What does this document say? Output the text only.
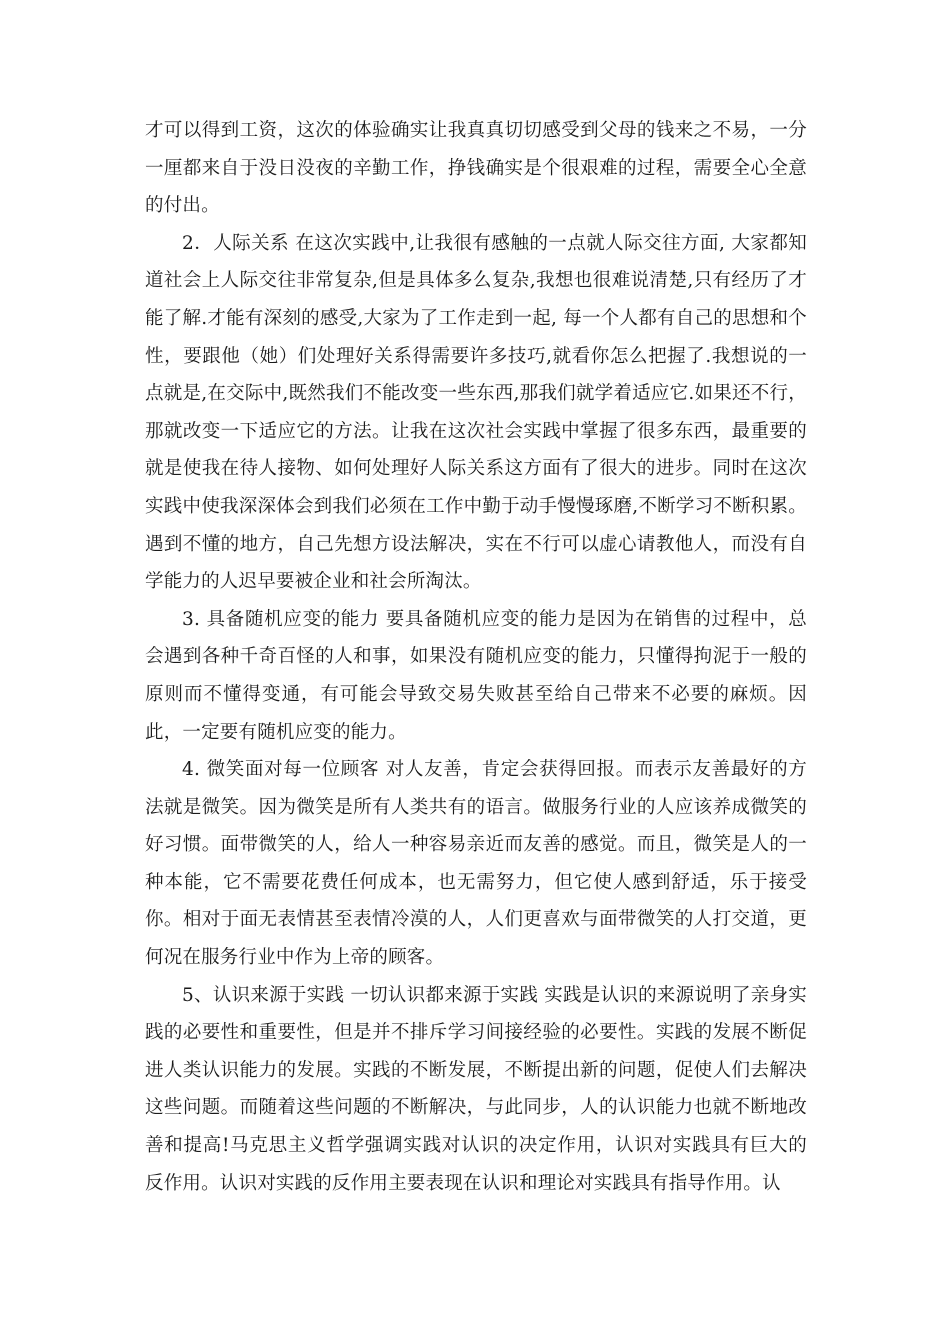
才可以得到工资，这次的体验确实让我真真切切感受到父母的钱来之不易，一分一厘都来自于没日没夜的辛勤工作，挣钱确实是个很艰难的过程，需要全心全意的付出。

2．人际关系 在这次实践中,让我很有感触的一点就人际交往方面, 大家都知道社会上人际交往非常复杂,但是具体多么复杂,我想也很难说清楚,只有经历了才能了解.才能有深刻的感受,大家为了工作走到一起, 每一个人都有自己的思想和个性，要跟他（她）们处理好关系得需要许多技巧,就看你怎么把握了.我想说的一点就是,在交际中,既然我们不能改变一些东西,那我们就学着适应它.如果还不行，那就改变一下适应它的方法。让我在这次社会实践中掌握了很多东西，最重要的就是使我在待人接物、如何处理好人际关系这方面有了很大的进步。同时在这次实践中使我深深体会到我们必须在工作中勤于动手慢慢琢磨,不断学习不断积累。遇到不懂的地方，自己先想方设法解决，实在不行可以虚心请教他人，而没有自学能力的人迟早要被企业和社会所淘汰。

3. 具备随机应变的能力 要具备随机应变的能力是因为在销售的过程中，总会遇到各种千奇百怪的人和事，如果没有随机应变的能力，只懂得拘泥于一般的原则而不懂得变通，有可能会导致交易失败甚至给自己带来不必要的麻烦。因此，一定要有随机应变的能力。

4. 微笑面对每一位顾客 对人友善，肯定会获得回报。而表示友善最好的方法就是微笑。因为微笑是所有人类共有的语言。做服务行业的人应该养成微笑的好习惯。面带微笑的人，给人一种容易亲近而友善的感觉。而且，微笑是人的一种本能，它不需要花费任何成本，也无需努力，但它使人感到舒适，乐于接受你。相对于面无表情甚至表情冷漠的人，人们更喜欢与面带微笑的人打交道，更何况在服务行业中作为上帝的顾客。

5、认识来源于实践 一切认识都来源于实践 实践是认识的来源说明了亲身实践的必要性和重要性，但是并不排斥学习间接经验的必要性。实践的发展不断促进人类认识能力的发展。实践的不断发展，不断提出新的问题，促使人们去解决这些问题。而随着这些问题的不断解决，与此同步，人的认识能力也就不断地改善和提高!马克思主义哲学强调实践对认识的决定作用，认识对实践具有巨大的反作用。认识对实践的反作用主要表现在认识和理论对实践具有指导作用。认
